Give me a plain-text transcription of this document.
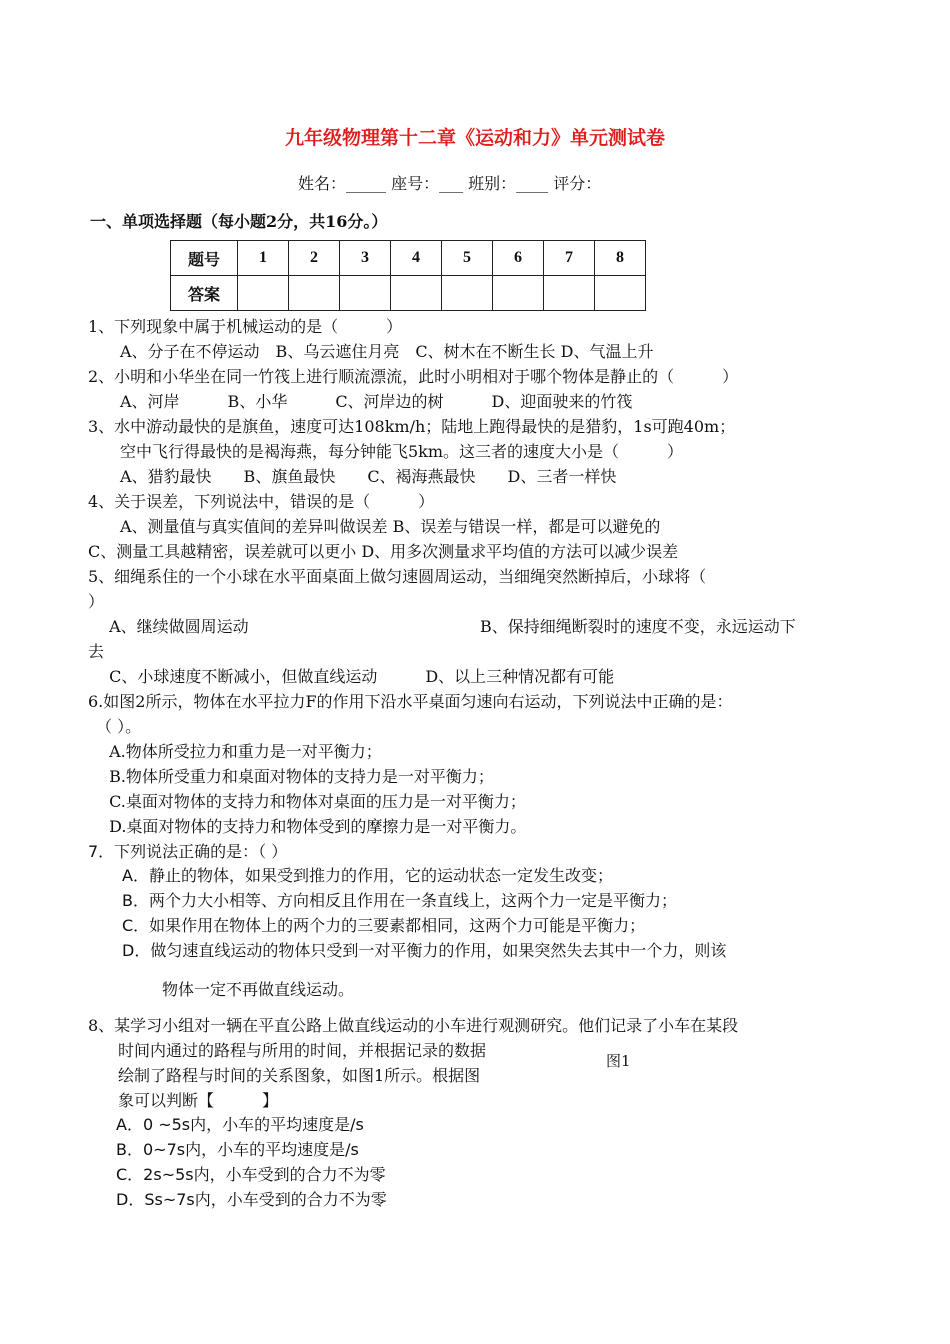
九年级物理第十二章《运动和力》单元测试卷
姓名：_____ 座号：___ 班别：____ 评分：
一、单项选择题（每小题2分，共16分。）
题号	1	2	3	4	5	6	7	8
答案								
1、下列现象中属于机械运动的是（　　　）
　　A、分子在不停运动　B、乌云遮住月亮　C、树木在不断生长 D、气温上升
2、小明和小华坐在同一竹筏上进行顺流漂流，此时小明相对于哪个物体是静止的（　　　）
　　A、河岸　　　B、小华　　　C、河岸边的树　　　D、迎面驶来的竹筏
3、水中游动最快的是旗鱼，速度可达108km/h；陆地上跑得最快的是猎豹，1s可跑40m；
　　空中飞行得最快的是褐海燕，每分钟能飞5km。这三者的速度大小是（　　　）
　　A、猎豹最快　　B、旗鱼最快　　C、褐海燕最快　　D、三者一样快
4、关于误差，下列说法中，错误的是（　　　）
　　A、测量值与真实值间的差异叫做误差 B、误差与错误一样，都是可以避免的
C、测量工具越精密，误差就可以更小 D、用多次测量求平均值的方法可以减少误差
5、细绳系住的一个小球在水平面桌面上做匀速圆周运动，当细绳突然断掉后，小球将（
）
　 A、继续做圆周运动	B、保持细绳断裂时的速度不变，永远运动下
去
　 C、小球速度不断减小，但做直线运动　　　D、以上三种情况都有可能
6.如图2所示，物体在水平拉力F的作用下沿水平桌面匀速向右运动，下列说法中正确的是：
　（ ）。
　 A.物体所受拉力和重力是一对平衡力；
　 B.物体所受重力和桌面对物体的支持力是一对平衡力；
　 C.桌面对物体的支持力和物体对桌面的压力是一对平衡力；
　 D.桌面对物体的支持力和物体受到的摩擦力是一对平衡力。
7．下列说法正确的是：（ ）
A．静止的物体，如果受到推力的作用，它的运动状态一定发生改变；
B．两个力大小相等、方向相反且作用在一条直线上，这两个力一定是平衡力；
C．如果作用在物体上的两个力的三要素都相同，这两个力可能是平衡力；
D．做匀速直线运动的物体只受到一对平衡力的作用，如果突然失去其中一个力，则该
物体一定不再做直线运动。
8、某学习小组对一辆在平直公路上做直线运动的小车进行观测研究。他们记录了小车在某段
时间内通过的路程与所用的时间，并根据记录的数据
绘制了路程与时间的关系图象，如图1所示。根据图
象可以判断【　　　】
A．0 ~5s内，小车的平均速度是/s
B．0~7s内，小车的平均速度是/s
C．2s~5s内，小车受到的合力不为零
D．Ss~7s内，小车受到的合力不为零
图1
